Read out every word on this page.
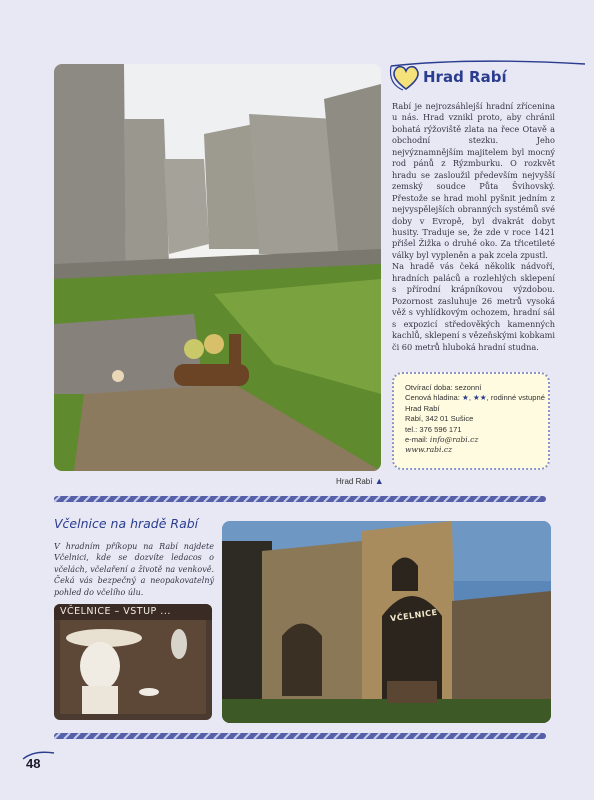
Hrad Rabí

Rabí je nejrozsáhlejší hradní zřícenina u nás. Hrad vznikl proto, aby chránil bohatá rýžoviště zlata na řece Otavě a obchodní stezku. Jeho nejvýznamnějším majitelem byl mocný rod pánů z Rýzmburku. O rozkvět hradu se zasloužil především nejvyšší zemský soudce Půta Švihovský. Přestože se hrad mohl pyšnit jedním z nejvyspělejších obranných systémů své doby v Evropě, byl dvakrát dobyt husity. Traduje se, že zde v roce 1421 přišel Žižka o druhé oko. Za třicetileté války byl vypleněn a pak zcela zpustl.

Na hradě vás čeká několik nádvoří, hradních paláců a rozlehlých sklepení s přírodní krápníkovou výzdobou. Pozornost zasluhuje 26 metrů vysoká věž s vyhlídkovým ochozem, hradní sál s expozicí středověkých kamenných kachlů, sklepení s vězeňskými kobkami či 60 metrů hluboká hradní studna.

Otvírací doba: sezonní
Cenová hladina: ★, ★★, rodinné vstupné
Hrad Rabí
Rabí, 342 01 Sušice
tel.: 376 596 171
e-mail: info@rabi.cz
www.rabi.cz
Hrad Rabí ▲
Včelnice na hradě Rabí
V hradním příkopu na Rabí najdete Včelnici, kde se dozvíte ledacos o včelách, včelaření a životě na venkově. Čeká vás bezpečný a neopakovatelný pohled do včelího úlu.
VČELNICE – VSTUP ...	VČELNICE
48
